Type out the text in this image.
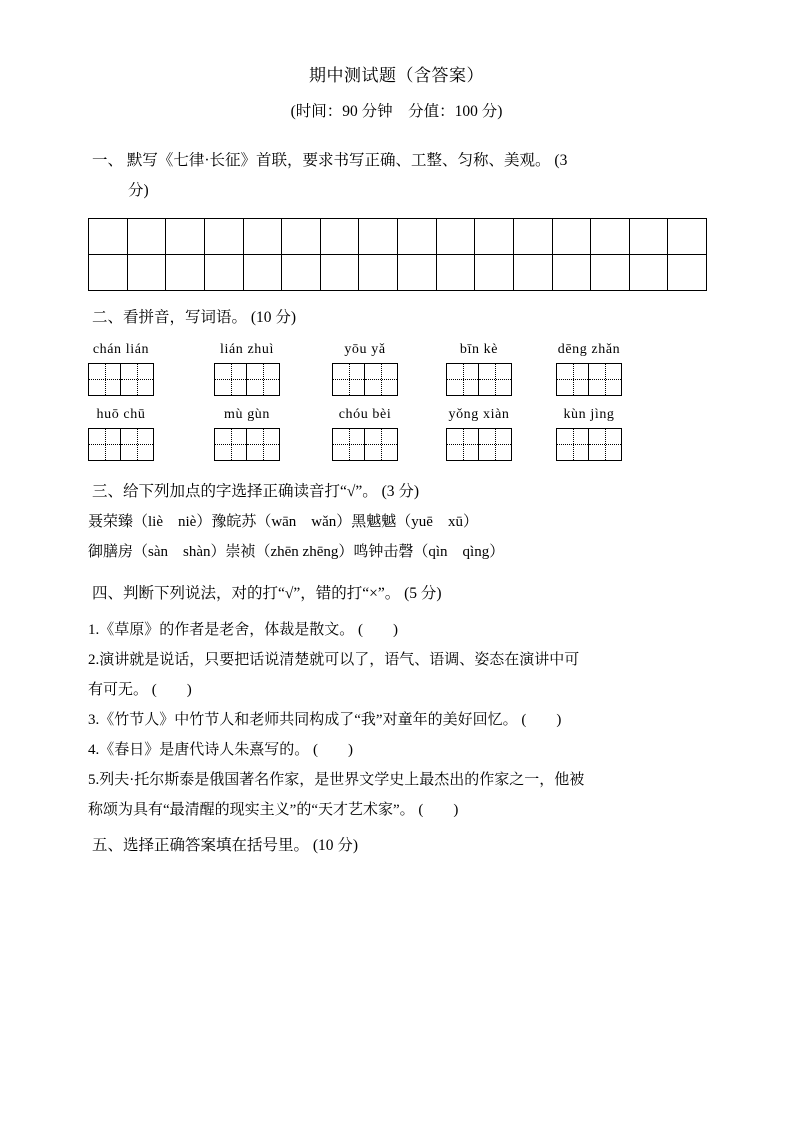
期中测试题（含答案）
(时间：90 分钟　分值：100 分)
一、 默写《七律·长征》首联，要求书写正确、工整、匀称、美观。 (3
分)

二、看拼音，写词语。 (10 分)
chán lián	lián zhuì	yōu yǎ	bīn kè	dēng zhǎn
huō chū	mù gùn	chóu bèi	yǒng xiàn	kùn jìng
三、给下列加点的字选择正确读音打“√”。 (3 分)
聂荣臻（liè　niè）豫皖苏（wān　wǎn）黑魆魆（yuē　xū）
御膳房（sàn　shàn）崇祯（zhēn zhēng）鸣钟击磬（qìn　qìng）
四、判断下列说法，对的打“√”，错的打“×”。 (5 分)
1.《草原》的作者是老舍，体裁是散文。 (　　)
2.演讲就是说话，只要把话说清楚就可以了，语气、语调、姿态在演讲中可
有可无。 (　　)
3.《竹节人》中竹节人和老师共同构成了“我”对童年的美好回忆。 (　　)
4.《春日》是唐代诗人朱熹写的。 (　　)
5.列夫·托尔斯泰是俄国著名作家，是世界文学史上最杰出的作家之一，他被
称颂为具有“最清醒的现实主义”的“天才艺术家”。 (　　)
五、选择正确答案填在括号里。 (10 分)
